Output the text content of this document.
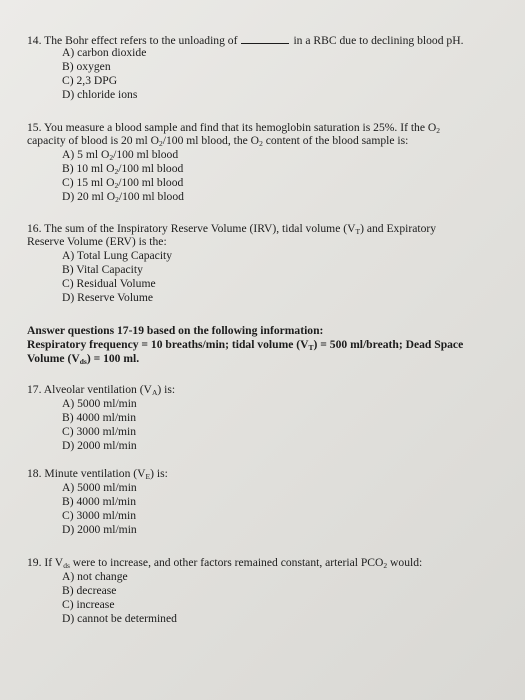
14. The Bohr effect refers to the unloading of	in a RBC due to declining blood pH.
A) carbon dioxide
B) oxygen
C) 2,3 DPG
D) chloride ions
15. You measure a blood sample and find that its hemoglobin saturation is 25%. If the $O_2$
capacity of blood is 20 ml $O_2/100$ ml blood, the $O_2$ content of the blood sample is:
A) 5 ml $O_2/100$ ml blood
B) 10 ml $O_2/100$ ml blood
C) 15 ml $O_2/100$ ml blood
D) 20 ml $O_2/100$ ml blood
16. The sum of the Inspiratory Reserve Volume (IRV), tidal volume $(V_T)$ and Expiratory
Reserve Volume (ERV) is the:
A) Total Lung Capacity
B) Vital Capacity
C) Residual Volume
D) Reserve Volume
Answer questions 17-19 based on the following information:
Respiratory frequency = 10 breaths/min; tidal volume $(V_T) = 500$ ml/breath; Dead Space
Volume $(V_{ds}) = 100$ ml.
17. Alveolar ventilation $(V_A)$ is:
A) 5000 ml/min
B) 4000 ml/min
C) 3000 ml/min
D) 2000 ml/min
18. Minute ventilation $(V_E)$ is:
A) 5000 ml/min
B) 4000 ml/min
C) 3000 ml/min
D) 2000 ml/min
19. If $V_{ds}$ were to increase, and other factors remained constant, arterial $PCO_2$ would:
A) not change
B) decrease
C) increase
D) cannot be determined
